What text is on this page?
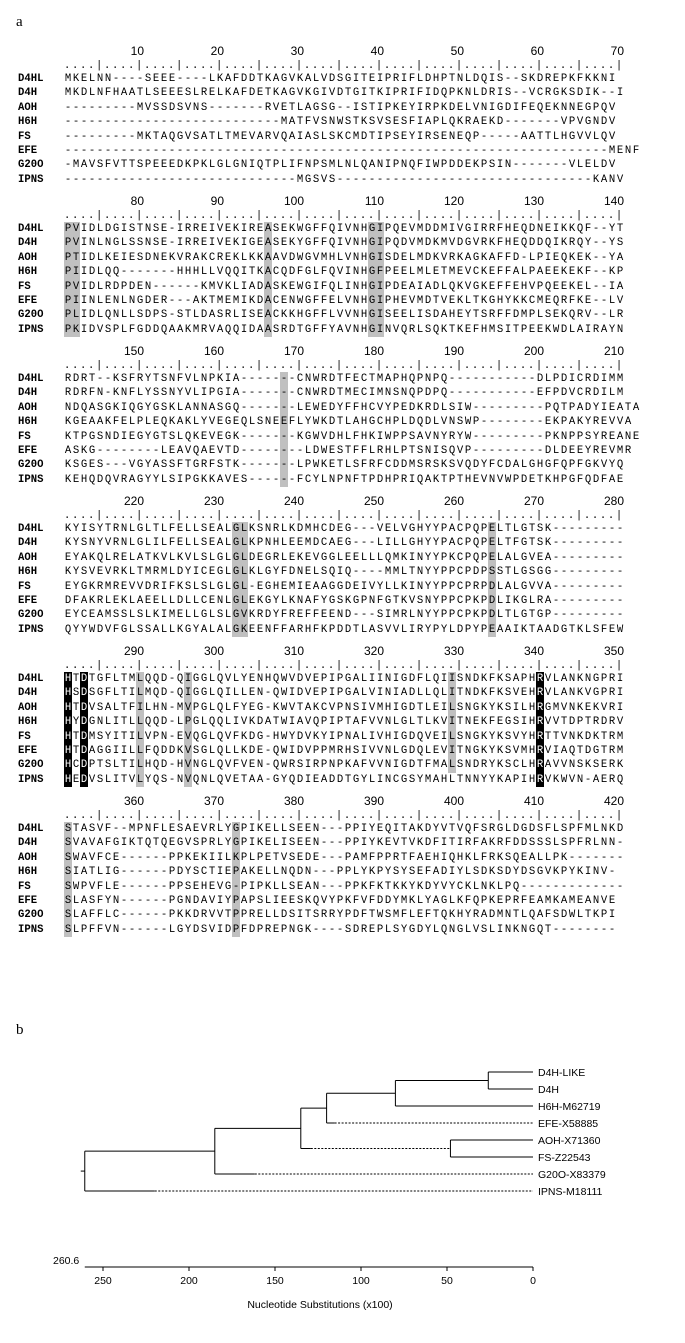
a
10	20	30	40	50	60	70
....|....|....|....|....|....|....|....|....|....|....|....|....|....|
D4HL M K E L N N - - - - S E E E - - - - L K A F D D T K A G V K A L V D S G I T E I P R I F L D H P T N L D Q I S - - S K D R E P K F K K N I
D4H	M K D L N F H A A T L S E E E S L R E L K A F D E T K A G V K G I V D T G I T K I P R I F I D Q P K N L D R I S - - V C R G K S D I K - - I
AOH	- - - - - - - - - M V S S D S V N S - - - - - - - R V E T L A G S G - - I S T I P K E Y I R P K D E L V N I G D I F E Q E K N N E G P Q V
H6H	- - - - - - - - - - - - - - - - - - - - - - - - - - - M A T F V S N W S T K S V S E S F I A P L Q K R A E K D - - - - - - - V P V G N D V
FS	- - - - - - - - - M K T A Q G V S A T L T M E V A R V Q A I A S L S K C M D T I P S E Y I R S E N E Q P - - - - - A A T T L H G V V L Q V
EFE	- - - - - - - - - - - - - - - - - - - - - - - - - - - - - - - - - - - - - - - - - - - - - - - - - - - - - - - - - - - - - - - - - - - - M E N F
G20O - M A V S F V T T S P E E E D K P K L G L G N I Q T P L I F N P S M L N L Q A N I P N Q F I W P D D E K P S I N - - - - - - - V L E L D V
IPNS - - - - - - - - - - - - - - - - - - - - - - - - - - - - - M G S V S - - - - - - - - - - - - - - - - - - - - - - - - - - - - - - - - K A N V
80	90	100	110	120	130	140
....|....|....|....|....|....|....|....|....|....|....|....|....|....|
D4HL P V I D L D G I S T N S E - I R R E I V E K I R E A S E K W G F F Q I V N H G I P Q E V M D D M I V G I R R F H E Q D N E I K K Q F - - Y T
D4H	P V I N L N G L S S N S E - I R R E I V E K I G E A S E K Y G F F Q I V N H G I P Q D V M D K M V D G V R K F H E Q D D Q I K R Q Y - - Y S
AOH	P T I D L K E I E S D N E K V R A K C R E K L K K A A V D W G V M H L V N H G I S D E L M D K V R K A G K A F F D - L P I E Q K E K - - Y A
H6H	P I I D L Q Q - - - - - - - H H H L L V Q Q I T K A C Q D F G L F Q V I N H G F P E E L M L E T M E V C K E F F A L P A E E K E K F - - K P
FS	P V I D L R D P D E N - - - - - - K M V K L I A D A S K E W G I F Q L I N H G I P D E A I A D L Q K V G K E F F E H V P Q E E K E L - - I A
EFE	P I I N L E N L N G D E R - - - A K T M E M I K D A C E N W G F F E L V N H G I P H E V M D T V E K L T K G H Y K K C M E Q R F K E - - L V
G20O P L I D L Q N L L S D P S - S T L D A S R L I S E A C K K H G F F L V V N H G I S E E L I S D A H E Y T S R F F D M P L S E K Q R V - - L R
IPNS P K I D V S P L F G D D Q A A K M R V A Q Q I D A A S R D T G F F Y A V N H G I N V Q R L S Q K T K E F H M S I T P E E K W D L A I R A Y N
150	160	170	180	190	200	210
....|....|....|....|....|....|....|....|....|....|....|....|....|....|
D4HL R D R T - - K S F R Y T S N F V L N P K I A - - - - - - - C N W R D T F E C T M A P H Q P N P Q - - - - - - - - - - - D L P D I C R D I M M
D4H	R D R F N - K N F L Y S S N Y V L I P G I A - - - - - - - C N W R D T M E C I M N S N Q P D P Q - - - - - - - - - - - E F P D V C R D I L M
AOH	N D Q A S G K I Q G Y G S K L A N N A S G Q - - - - - - - L E W E D Y F F H C V Y P E D K R D L S I W - - - - - - - - - P Q T P A D Y I E A T A
H6H	K G E A A K F E L P L E Q K A K L Y V E G E Q L S N E E F L Y W K D T L A H G C H P L D Q D L V N S W P - - - - - - - - E K P A K Y R E V V A
FS	K T P G S N D I E G Y G T S L Q K E V E G K - - - - - - - K G W V D H L F H K I W P P S A V N Y R Y W - - - - - - - - - P K N P P S Y R E A N E
EFE	A S K G - - - - - - - - L E A V Q A E V T D - - - - - - - - L D W E S T F F L R H L P T S N I S Q V P - - - - - - - - - D L D E E Y R E V M R
G20O K S G E S - - - V G Y A S S F T G R F S T K - - - - - - - L P W K E T L S F R F C D D M S R S K S V Q D Y F C D A L G H G F Q P F G K V Y Q
IPNS K E H Q D Q V R A G Y Y L S I P G K K A V E S - - - - - - F C Y L N P N F T P D H P R I Q A K T P T H E V N V W P D E T K H P G F Q D F A E
220	230	240	250	260	270	280
....|....|....|....|....|....|....|....|....|....|....|....|....|....|
D4HL K Y I S Y T R N L G L T L F E L L S E A L G L K S N R L K D M H C D E G - - - V E L V G H Y Y P A C P Q P E L T L G T S K - - - - - - - - -
D4H	K Y S N Y V R N L G L I L F E L L S E A L G L K P N H L E E M D C A E G - - - L I L L G H Y Y P A C P Q P E L T F G T S K - - - - - - - - -
AOH	E Y A K Q L R E L A T K V L K V L S L G L G L D E G R L E K E V G G L E E L L L Q M K I N Y Y P K C P Q P E L A L G V E A - - - - - - - - -
H6H	K Y S V E V R K L T M R M L D Y I C E G L G L K L G Y F D N E L S Q I Q - - - - M M L T N Y Y P P C P D P S S T L G S G G - - - - - - - - -
FS	E Y G K R M R E V V D R I F K S L S L G L G L - E G H E M I E A A G G D E I V Y L L K I N Y Y P P C P R P D L A L G V V A - - - - - - - - -
EFE	D F A K R L E K L A E E L L D L L C E N L G L E K G Y L K N A F Y G S K G P N F G T K V S N Y P P C P K P D L I K G L R A - - - - - - - - -
G20O E Y C E A M S S L S L K I M E L L G L S L G V K R D Y F R E F F E E N D - - - S I M R L N Y Y P P C P K P D L T L G T G P - - - - - - - - -
IPNS Q Y Y W D V F G L S S A L L K G Y A L A L G K E E N F F A R H F K P D D T L A S V V L I R Y P Y L D P Y P E A A I K T A A D G T K L S F E W
290	300	310	320	330	340	350
....|....|....|....|....|....|....|....|....|....|....|....|....|....|
D4HL H T D T G F L T M L Q Q D - Q I G G L Q V L Y E N H Q W V D V E P I P G A L I I N I G D F L Q I I S N D K F K S A P H R V L A N K N G P R I
D4H	H S D S G F L T I L M Q D - Q I G G L Q I L L E N - Q W I D V E P I P G A L V I N I A D L L Q L I T N D K F K S V E H R V L A N K V G P R I
AOH	H T D V S A L T F I L H N - M V P G L Q L F Y E G - K W V T A K C V P N S I V M H I G D T L E I L S N G K Y K S I L H R G M V N K E K V R I
H6H	H Y D G N L I T L L Q Q D - L P G L Q Q L I V K D A T W I A V Q P I P T A F V V N L G L T L K V I T N E K F E G S I H R V V T D P T R D R V
FS	H T D M S Y I T I L V P N - E V Q G L Q V F K D G - H W Y D V K Y I P N A L I V H I G D Q V E I L S N G K Y K S V Y H R T T V N K D K T R M
EFE	H T D A G G I I L L F Q D D K V S G L Q L L K D E - Q W I D V P P M R H S I V V N L G D Q L E V I T N G K Y K S V M H R V I A Q T D G T R M
G20O H C D P T S L T I L H Q D - H V N G L Q V F V E N - Q W R S I R P N P K A F V V N I G D T F M A L S N D R Y K S C L H R A V V N S K S E R K
IPNS H E D V S L I T V L Y Q S - N V Q N L Q V E T A A - G Y Q D I E A D D T G Y L I N C G S Y M A H L T N N Y Y K A P I H R V K W V N - A E R Q
360	370	380	390	400	410	420
....|....|....|....|....|....|....|....|....|....|....|....|....|....|
D4HL S T A S V F - - M P N F L E S A E V R L Y G P I K E L L S E E N - - - P P I Y E Q I T A K D Y V T V Q F S R G L D G D S F L S P F M L N K D
D4H	S V A V A F G I K T Q T Q E G V S P R L Y G P I K E L I S E E N - - - P P I Y K E V T V K D F I T I R F A K R F D D S S S L S P F R L N N -
AOH	S W A V F C E - - - - - - P P K E K I I L K P L P E T V S E D E - - - P A M F P P R T F A E H I Q H K L F R K S Q E A L L P K - - - - - - -
H6H	S I A T L I G - - - - - - P D Y S C T I E P A K E L L N Q D N - - - P P L Y K P Y S Y S E F A D I Y L S D K S D Y D S G V K P Y K I N V -
FS	S W P V F L E - - - - - - P P S E H E V G - P I P K L L S E A N - - - P P K F K T K K Y K D Y V Y C K L N K L P Q - - - - - - - - - - - - -
EFE	S L A S F Y N - - - - - - P G N D A V I Y P A P S L I E E S K Q V Y P K F V F D D Y M K L Y A G L K F Q P K E P R F E A M K A M E A N V E
G20O S L A F F L C - - - - - - P K K D R V V T P P R E L L D S I T S R R Y P D F T W S M F L E F T Q K H Y R A D M N T L Q A F S D W L T K P I
IPNS S L P F F V N - - - - - - L G Y D S V I D P F D P R E P N G K - - - - S D R E P L S Y G D Y L Q N G L V S L I N K N G Q T - - - - - - - -
b
D4H-LIKE
D4H
H6H-M62719
EFE-X58885
AOH-X71360
FS-Z22543
G20O-X83379
IPNS-M18111
250	200	150	100	50	0
260.6
Nucleotide Substitutions (x100)
